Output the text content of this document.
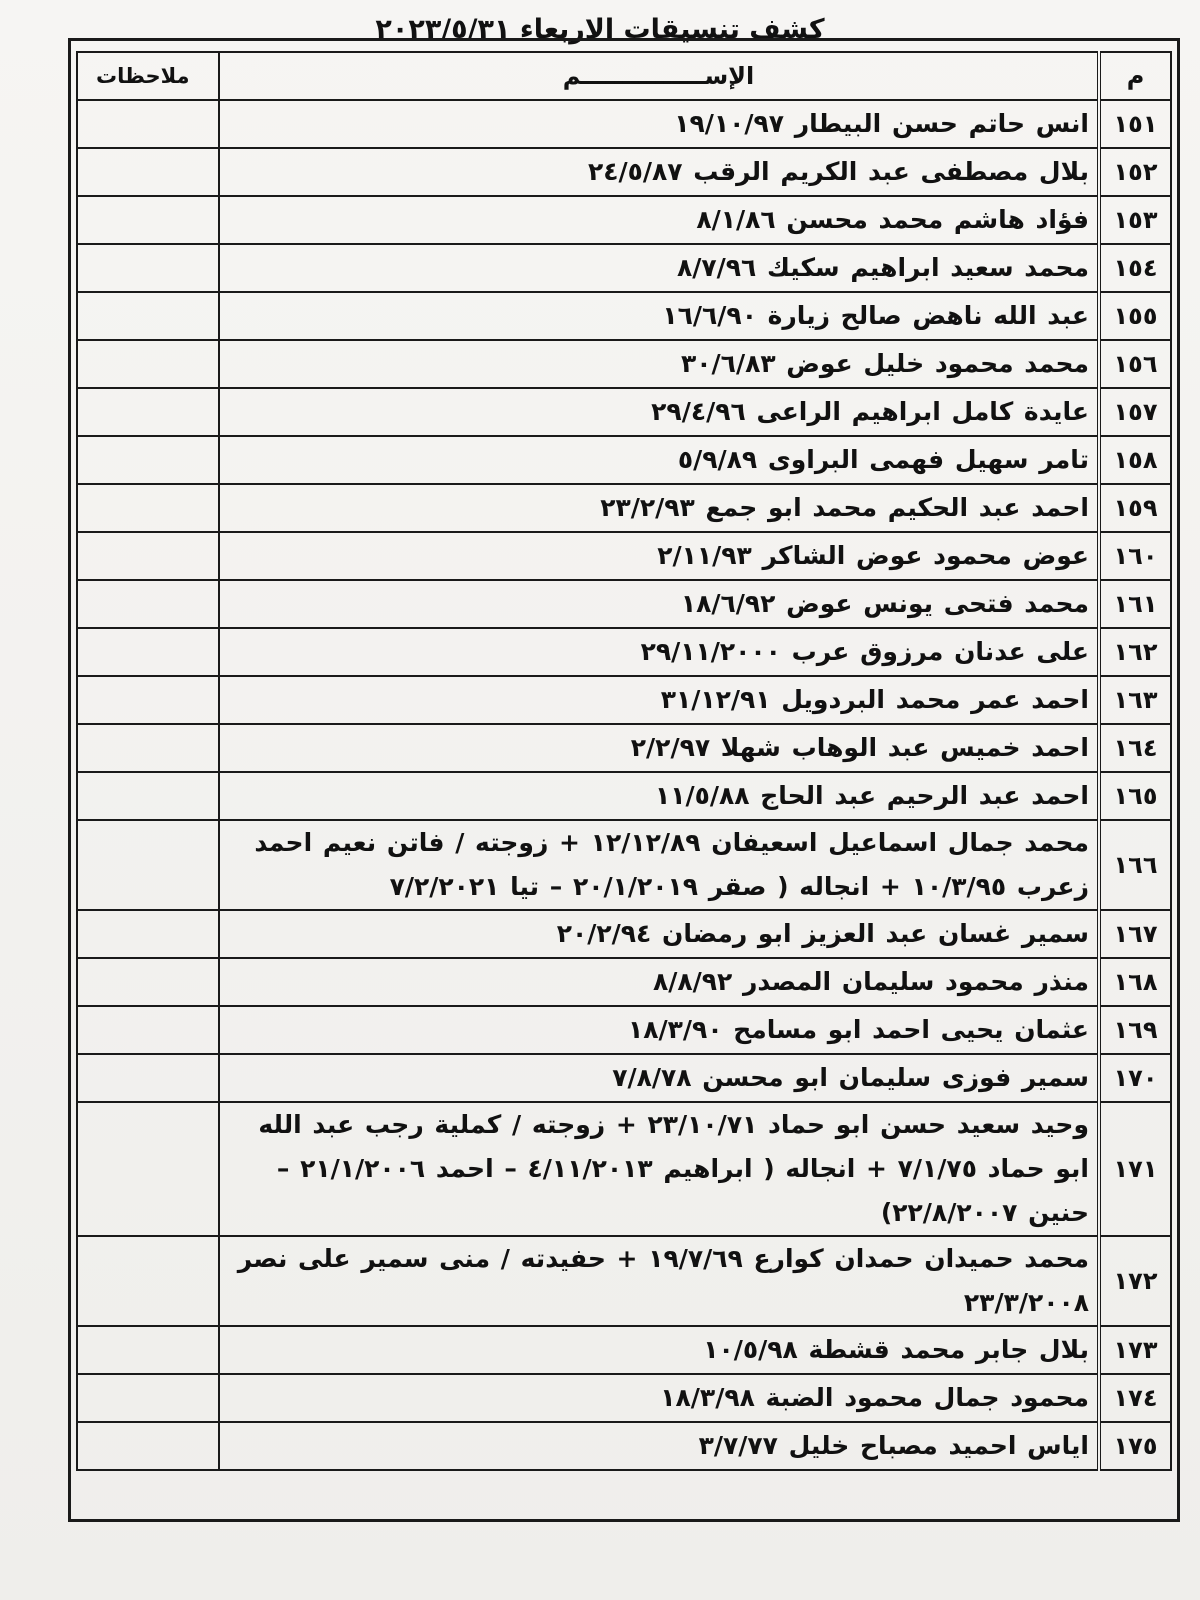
كشف تنسيقات الاربعاء ٢٠٢٣/٥/٣١
م	الإســـــــــــــــم	ملاحظات
١٥١	انس حاتم حسن البيطار ١٩/١٠/٩٧	
١٥٢	بلال مصطفى عبد الكريم الرقب ٢٤/٥/٨٧	
١٥٣	فؤاد هاشم محمد محسن ٨/١/٨٦	
١٥٤	محمد سعيد ابراهيم سكيك ٨/٧/٩٦	
١٥٥	عبد الله ناهض صالح زيارة ١٦/٦/٩٠	
١٥٦	محمد محمود خليل عوض ٣٠/٦/٨٣	
١٥٧	عايدة كامل ابراهيم الراعى ٢٩/٤/٩٦	
١٥٨	تامر سهيل فهمى البراوى ٥/٩/٨٩	
١٥٩	احمد عبد الحكيم محمد ابو جمع ٢٣/٢/٩٣	
١٦٠	عوض محمود عوض الشاكر ٢/١١/٩٣	
١٦١	محمد فتحى يونس عوض ١٨/٦/٩٢	
١٦٢	على عدنان مرزوق عرب ٢٩/١١/٢٠٠٠	
١٦٣	احمد عمر محمد البردويل ٣١/١٢/٩١	
١٦٤	احمد خميس عبد الوهاب شهلا ٢/٢/٩٧	
١٦٥	احمد عبد الرحيم عبد الحاج ١١/٥/٨٨	
١٦٦	محمد جمال اسماعيل اسعيفان ١٢/١٢/٨٩ + زوجته / فاتن نعيم احمد زعرب ١٠/٣/٩٥ + انجاله ( صقر ٢٠/١/٢٠١٩ – تيا ٧/٢/٢٠٢١	
١٦٧	سمير غسان عبد العزيز ابو رمضان ٢٠/٢/٩٤	
١٦٨	منذر محمود سليمان المصدر ٨/٨/٩٢	
١٦٩	عثمان يحيى احمد ابو مسامح ١٨/٣/٩٠	
١٧٠	سمير فوزى سليمان ابو محسن ٧/٨/٧٨	
١٧١	وحيد سعيد حسن ابو حماد ٢٣/١٠/٧١ + زوجته / كملية رجب عبد الله ابو حماد ٧/١/٧٥ + انجاله ( ابراهيم ٤/١١/٢٠١٣ – احمد ٢١/١/٢٠٠٦ – حنين ٢٢/٨/٢٠٠٧)	
١٧٢	محمد حميدان حمدان كوارع ١٩/٧/٦٩ + حفيدته / منى سمير على نصر ٢٣/٣/٢٠٠٨	
١٧٣	بلال جابر محمد قشطة ١٠/٥/٩٨	
١٧٤	محمود جمال محمود الضبة ١٨/٣/٩٨	
١٧٥	اياس احميد مصباح خليل ٣/٧/٧٧	
